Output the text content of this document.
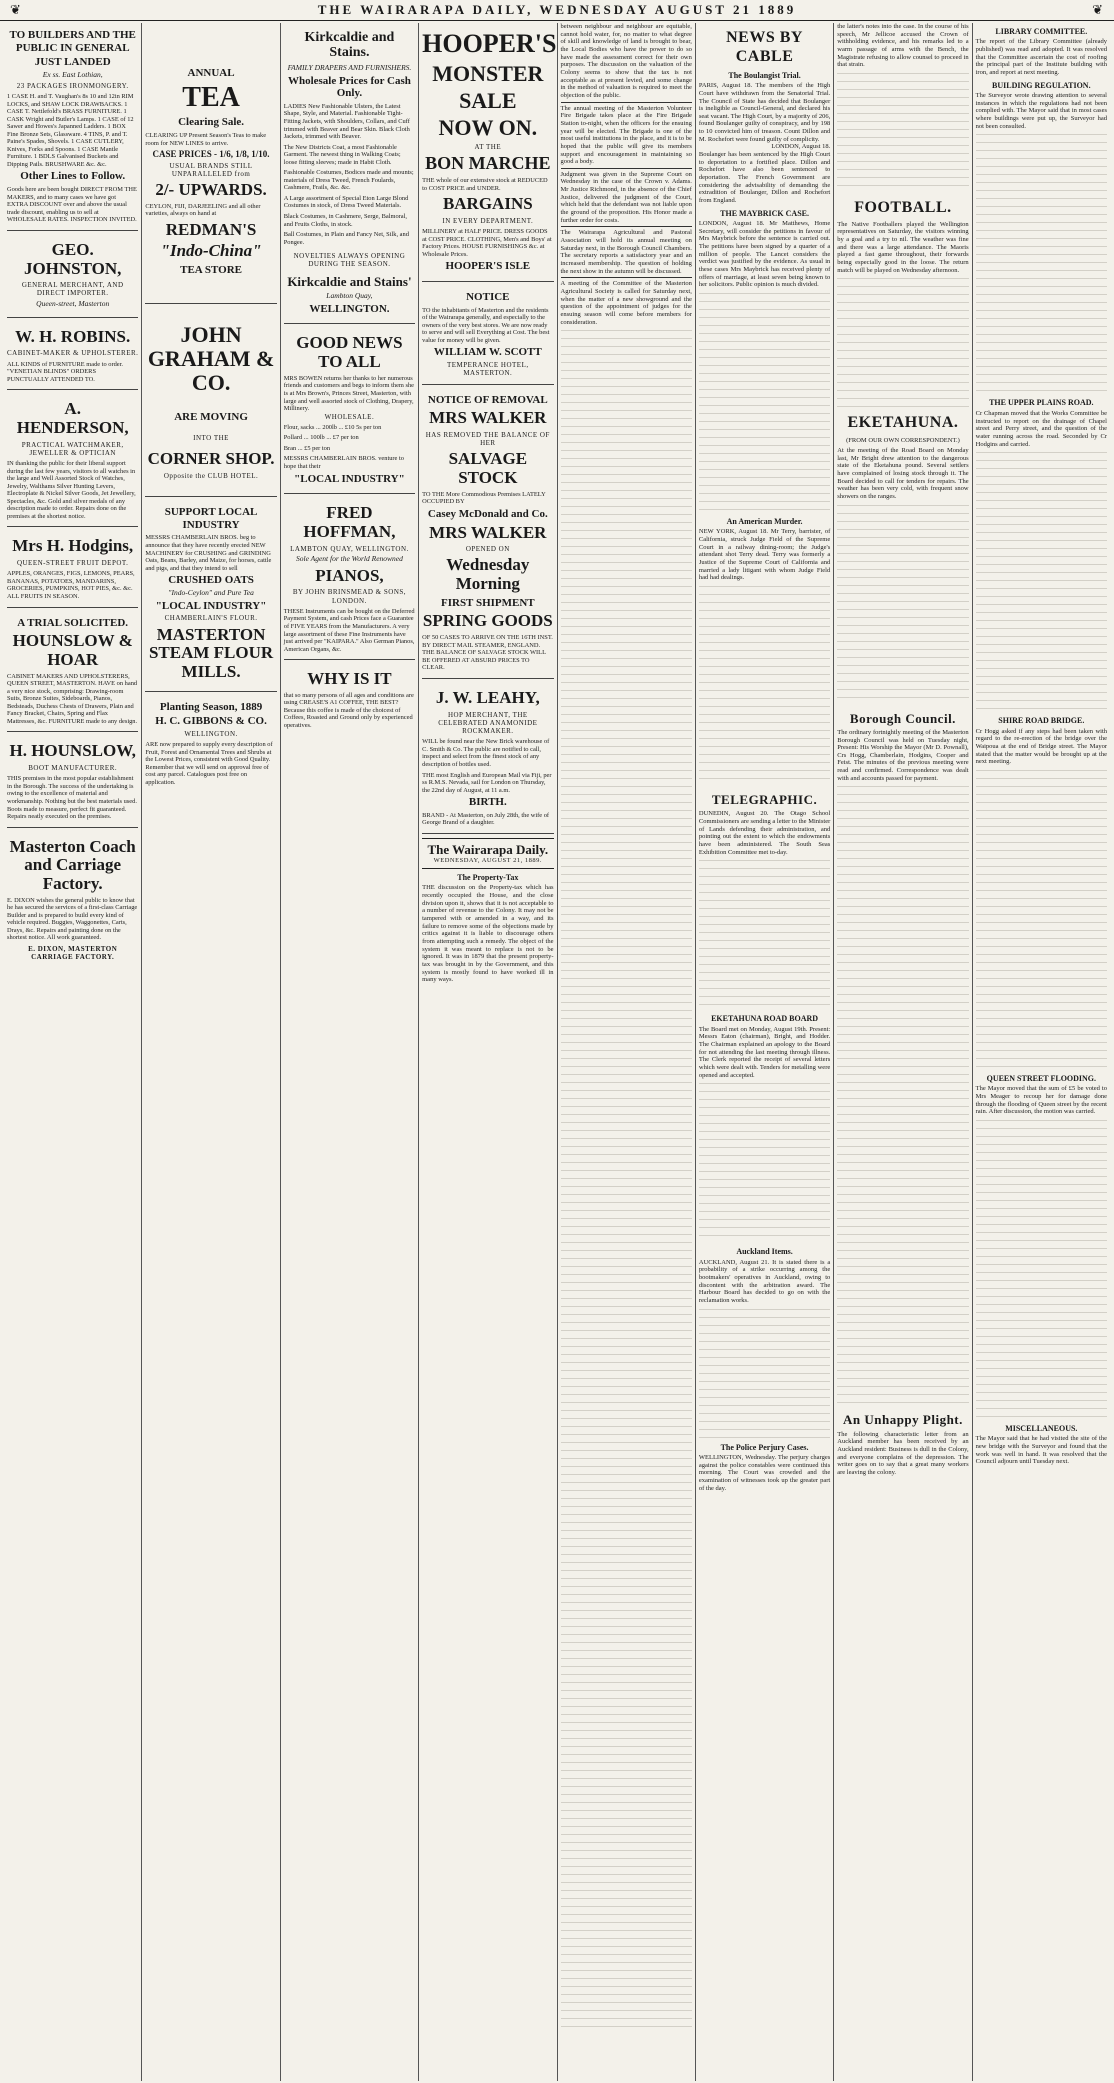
❦	THE WAIRARAPA DAILY, WEDNESDAY AUGUST 21 1889	❦
TO BUILDERS AND THE PUBLIC IN GENERAL
JUST LANDED
Ex ss. East Lothian,
23 PACKAGES IRONMONGERY.
1 CASE H. and T. Vaughan's 8s 10 and 12in RIM LOCKS, and SHAW LOCK DRAWBACKS. 1 CASE T. Nettlefold's BRASS FURNITURE. 1 CASK Wright and Butler's Lamps. 1 CASE of 12 Sawer and Howes's Japanned Ladders. 1 BOX Fine Bronze Sets, Glassware. 4 TINS, P. and T. Paine's Spades, Shovels. 1 CASE CUTLERY, Knives, Forks and Spoons. 1 CASE Mantle Furniture. 1 BDLS Galvanised Buckets and Dipping Pails. BRUSHWARE &c. &c.
Other Lines to Follow.
Goods here are been bought DIRECT FROM THE MAKERS, and to many cases we have got EXTRA DISCOUNT over and above the usual trade discount, enabling us to sell at WHOLESALE RATES. INSPECTION INVITED.
GEO. JOHNSTON,
GENERAL MERCHANT, AND DIRECT IMPORTER.
Queen-street, Masterton
W. H. ROBINS.
CABINET-MAKER & UPHOLSTERER.
ALL KINDS of FURNITURE made to order. "VENETIAN BLINDS" ORDERS PUNCTUALLY ATTENDED TO.
A. HENDERSON,
PRACTICAL WATCHMAKER, JEWELLER & OPTICIAN
IN thanking the public for their liberal support during the last few years, visitors to all watches in the large and Well Assorted Stock of Watches, Jewelry, Walthams Silver Hunting Levers, Electroplate & Nickel Silver Goods, Jet Jewellery, Spectacles, &c. Gold and silver medals of any description made to order. Repairs done on the premises at the shortest notice.
Mrs H. Hodgins,
QUEEN-STREET FRUIT DEPOT.
APPLES, ORANGES, FIGS, LEMONS, PEARS, BANANAS, POTATOES, MANDARINS, GROCERIES, PUMPKINS, HOT PIES, &c. &c. ALL FRUITS IN SEASON.
A TRIAL SOLICITED.
HOUNSLOW & HOAR
CABINET MAKERS AND UPHOLSTERERS, QUEEN STREET, MASTERTON. HAVE on hand a very nice stock, comprising: Drawing-room Suits, Bronze Suites, Sideboards, Pianos, Bedsteads, Duchess Chests of Drawers, Plain and Fancy Bracket, Chairs, Spring and Flax Mattresses, &c. FURNITURE made to any design.
H. HOUNSLOW,
BOOT MANUFACTURER.
THIS premises in the most popular establishment in the Borough. The success of the undertaking is owing to the excellence of material and workmanship. Nothing but the best materials used. Boots made to measure, perfect fit guaranteed. Repairs neatly executed on the premises.
Masterton Coach and Carriage Factory.
E. DIXON wishes the general public to know that he has secured the services of a first-class Carriage Builder and is prepared to build every kind of vehicle required. Buggies, Waggonettes, Carts, Drays, &c. Repairs and painting done on the shortest notice. All work guaranteed.
E. DIXON, MASTERTON CARRIAGE FACTORY.
ANNUAL
TEA
Clearing Sale.
CLEARING UP Present Season's Teas to make room for NEW LINES to arrive.
CASE PRICES - 1/6, 1/8, 1/10.
USUAL BRANDS STILL UNPARALLELED from
2/- UPWARDS.
CEYLON, FIJI, DARJEELING and all other varieties, always on hand at
REDMAN'S
"Indo-China"
TEA STORE
JOHN GRAHAM & CO.
ARE MOVING
INTO THE
CORNER SHOP.
Opposite the CLUB HOTEL.
SUPPORT LOCAL INDUSTRY
MESSRS CHAMBERLAIN BROS. beg to announce that they have recently erected NEW MACHINERY for CRUSHING and GRINDING Oats, Beans, Barley, and Maize, for horses, cattle and pigs, and that they intend to sell
CRUSHED OATS
"Indo-Ceylon" and Pure Tea
"LOCAL INDUSTRY"
CHAMBERLAIN'S FLOUR.
MASTERTON STEAM FLOUR MILLS.
Planting Season, 1889
H. C. GIBBONS & CO.
WELLINGTON.
ARE now prepared to supply every description of Fruit, Forest and Ornamental Trees and Shrubs at the Lowest Prices, consistent with Good Quality. Remember that we will send on approval free of cost any parcel. Catalogues post free on application.
Kirkcaldie and Stains.
FAMILY DRAPERS AND FURNISHERS.
Wholesale Prices for Cash Only.
LADIES New Fashionable Ulsters, the Latest Shape, Style, and Material. Fashionable Tight-Fitting Jackets, with Shoulders, Collars, and Cuff trimmed with Beaver and Bear Skin. Black Cloth Jackets, trimmed with Beaver.
The New Districts Coat, a most Fashionable Garment. The newest thing in Walking Coats; loose fitting sleeves; made in Habit Cloth.
Fashionable Costumes, Bodices made and mounts; materials of Dress Tweed, French Foulards, Cashmere, Frails, &c. &c.
A Large assortment of Special Eton Large Blond Costumes in stock, of Dress Tweed Materials.
Black Costumes, in Cashmere, Serge, Balmoral, and Fruits Cloths, in stock.
Ball Costumes, in Plain and Fancy Net, Silk, and Pongee.
NOVELTIES ALWAYS OPENING DURING THE SEASON.
Kirkcaldie and Stains'
Lambton Quay,
WELLINGTON.
GOOD NEWS TO ALL
MRS BOWEN returns her thanks to her numerous friends and customers and begs to inform them she is at Mrs Brown's, Princes Street, Masterton, with large and well assorted stock of Clothing, Drapery, Millinery.
WHOLESALE.
Flour, sacks ... 200lb ... £10 5s per ton
Pollard ... 100lb ... £7 per ton
Bran ... £5 per ton
MESSRS CHAMBERLAIN BROS. venture to hope that their
"LOCAL INDUSTRY"
FRED HOFFMAN,
LAMBTON QUAY, WELLINGTON.
Sole Agent for the World Renowned
PIANOS,
BY JOHN BRINSMEAD & SONS, LONDON.
THESE Instruments can be bought on the Deferred Payment System, and cash Prices face a Guarantee of FIVE YEARS from the Manufacturers. A very large assortment of these Fine Instruments have just arrived per "KAIPARA." Also German Pianos, American Organs, &c.
WHY IS IT
that so many persons of all ages and conditions are using CREASE'S A1 COFFEE, THE BEST? Because this coffee is made of the choicest of Coffees, Roasted and Ground only by experienced operatives.
HOOPER'S
MONSTER
SALE
NOW ON.
AT THE
BON MARCHE
THE whole of our extensive stock at REDUCED to COST PRICE and UNDER.
BARGAINS
IN EVERY DEPARTMENT.
MILLINERY at HALF PRICE. DRESS GOODS at COST PRICE. CLOTHING, Men's and Boys' at Factory Prices. HOUSE FURNISHINGS &c. at Wholesale Prices.
HOOPER'S ISLE
NOTICE
TO the inhabitants of Masterton and the residents of the Wairarapa generally, and especially to the owners of the very best stores. We are now ready to serve and will sell Everything at Cost. The best value for money will be given.
WILLIAM W. SCOTT
TEMPERANCE HOTEL, MASTERTON.
NOTICE OF REMOVAL
MRS WALKER
HAS REMOVED THE BALANCE OF HER
SALVAGE STOCK
TO THE More Commodious Premises LATELY OCCUPIED BY
Casey McDonald and Co.
MRS WALKER
OPENED ON
Wednesday Morning
FIRST SHIPMENT
SPRING GOODS
OF 50 CASES TO ARRIVE ON THE 16TH INST. BY DIRECT MAIL STEAMER, ENGLAND. THE BALANCE OF SALVAGE STOCK WILL BE OFFERED AT ABSURD PRICES TO CLEAR.
J. W. LEAHY,
HOP MERCHANT, THE CELEBRATED ANAMONIDE ROCKMAKER.
WILL be found near the New Brick warehouse of C. Smith & Co. The public are notified to call, inspect and select from the finest stock of any description of bottles used.
THE most English and European Mail via Fiji, per ss R.M.S. Nevada, sail for London on Thursday, the 22nd day of August, at 11 a.m.
BIRTH.
BRAND - At Masterton, on July 28th, the wife of George Brand of a daughter.
The Wairarapa Daily.
WEDNESDAY, AUGUST 21, 1889.
The Property-Tax

THE discussion on the Property-tax which has recently occupied the House, and the close division upon it, shows that it is not acceptable to a number of revenue to the Colony. It may not be tampered with or amended in a way, and its failure to remove some of the objections made by critics against it is liable to discourage others from attempting such a remedy. The object of the system it was meant to replace is not to be ignored. It was in 1879 that the present property-tax was brought in by the Government, and this system is mostly found to have worked ill in many ways.

between neighbour and neighbour are equitable, cannot hold water, for, no matter to what degree of skill and knowledge of land is brought to bear, the Local Bodies who have the power to do so have made the assessment correct for their own purposes. The discussion on the valuation of the Colony seems to show that the tax is not acceptable as at present levied, and some change in the method of valuation is required to meet the objection of the public.

The annual meeting of the Masterton Volunteer Fire Brigade takes place at the Fire Brigade Station to-night, when the officers for the ensuing year will be elected. The Brigade is one of the most useful institutions in the place, and it is to be hoped that the public will give its members support and encouragement in maintaining so good a body.

Judgment was given in the Supreme Court on Wednesday in the case of the Crown v. Adams. Mr Justice Richmond, in the absence of the Chief Justice, delivered the judgment of the Court, which held that the defendant was not liable upon the ground of the proposition. His Honor made a further order for costs.

The Wairarapa Agricultural and Pastoral Association will hold its annual meeting on Saturday next, in the Borough Council Chambers. The secretary reports a satisfactory year and an increased membership. The question of holding the next show in the autumn will be discussed.

A meeting of the Committee of the Masterton Agricultural Society is called for Saturday next, when the matter of a new showground and the question of the appointment of judges for the ensuing season will come before members for consideration.

NEWS BY CABLE
The Boulangist Trial.

PARIS, August 18. The members of the High Court have withdrawn from the Senatorial Trial. The Council of State has decided that Boulanger is ineligible as Council-General, and declared his seat vacant. The High Court, by a majority of 206, found Boulanger guilty of conspiracy, and by 198 to 10 convicted him of treason. Count Dillon and M. Rochefort were found guilty of complicity.

LONDON, August 18.

Boulanger has been sentenced by the High Court to deportation to a fortified place. Dillon and Rochefort have also been sentenced to deportation. The French Government are considering the advisability of demanding the extradition of Boulanger, Dillon and Rochefort from England.

THE MAYBRICK CASE.

LONDON, August 18. Mr Matthews, Home Secretary, will consider the petitions in favour of Mrs Maybrick before the sentence is carried out. The petitions have been signed by a quarter of a million of people. The Lancet considers the verdict was justified by the evidence. As usual in these cases Mrs Maybrick has received plenty of offers of marriage, at least seven being known to her solicitors. Public opinion is much divided.

An American Murder.

NEW YORK, August 18. Mr Terry, barrister, of California, struck Judge Field of the Supreme Court in a railway dining-room; the Judge's attendant shot Terry dead. Terry was formerly a Justice of the Supreme Court of California and married a lady litigant with whom Judge Field had had dealings.

TELEGRAPHIC.

DUNEDIN, August 20. The Otago School Commissioners are sending a letter to the Minister of Lands defending their administration, and pointing out the extent to which the endowments have been administered. The South Seas Exhibition Committee met to-day.

EKETAHUNA ROAD BOARD

The Board met on Monday, August 19th. Present: Messrs Eaton (chairman), Bright, and Hodder. The Chairman explained an apology to the Board for not attending the last meeting through illness. The Clerk reported the receipt of several letters which were dealt with. Tenders for metalling were opened and accepted.

Auckland Items.

AUCKLAND, August 21. It is stated there is a probability of a strike occurring among the bootmakers' operatives in Auckland, owing to discontent with the arbitration award. The Harbour Board has decided to go on with the reclamation works.

The Police Perjury Cases.

WELLINGTON, Wednesday. The perjury charges against the police constables were continued this morning. The Court was crowded and the examination of witnesses took up the greater part of the day.

the latter's notes into the case. In the course of his speech, Mr Jellicoe accused the Crown of withholding evidence, and his remarks led to a warm passage of arms with the Bench, the Magistrate refusing to allow counsel to proceed in that strain.

FOOTBALL.

The Native Footballers played the Wellington representatives on Saturday, the visitors winning by a goal and a try to nil. The weather was fine and there was a large attendance. The Maoris played a fast game throughout, their forwards being especially good in the loose. The return match will be played on Wednesday afternoon.

EKETAHUNA.
(FROM OUR OWN CORRESPONDENT.)

At the meeting of the Road Board on Monday last, Mr Bright drew attention to the dangerous state of the Eketahuna pound. Several settlers have complained of losing stock through it. The Board decided to call for tenders for repairs. The weather has been very cold, with frequent snow showers on the ranges.

Borough Council.

The ordinary fortnightly meeting of the Masterton Borough Council was held on Tuesday night, Present: His Worship the Mayor (Mr D. Pownall), Crs Hogg, Chamberlain, Hodgins, Cooper and Feist. The minutes of the previous meeting were read and confirmed. Correspondence was dealt with and accounts passed for payment.

An Unhappy Plight.

The following characteristic letter from an Auckland member has been received by an Auckland resident: Business is dull in the Colony, and everyone complains of the depression. The writer goes on to say that a great many workers are leaving the colony.

LIBRARY COMMITTEE.

The report of the Library Committee (already published) was read and adopted. It was resolved that the Committee ascertain the cost of roofing the principal part of the Institute building with iron, and report at next meeting.

BUILDING REGULATION.

The Surveyor wrote drawing attention to several instances in which the regulations had not been complied with. The Mayor said that in most cases where buildings were put up, the Surveyor had not been consulted.

THE UPPER PLAINS ROAD.

Cr Chapman moved that the Works Committee be instructed to report on the drainage of Chapel street and Perry street, and the question of the water running across the road. Seconded by Cr Hodgins and carried.

SHIRE ROAD BRIDGE.

Cr Hogg asked if any steps had been taken with regard to the re-erection of the bridge over the Waipoua at the end of Bridge street. The Mayor stated that the matter would be brought up at the next meeting.

QUEEN STREET FLOODING.

The Mayor moved that the sum of £5 be voted to Mrs Meager to recoup her for damage done through the flooding of Queen street by the recent rain. After discussion, the motion was carried.

MISCELLANEOUS.

The Mayor said that he had visited the site of the new bridge with the Surveyor and found that the work was well in hand. It was resolved that the Council adjourn until Tuesday next.
